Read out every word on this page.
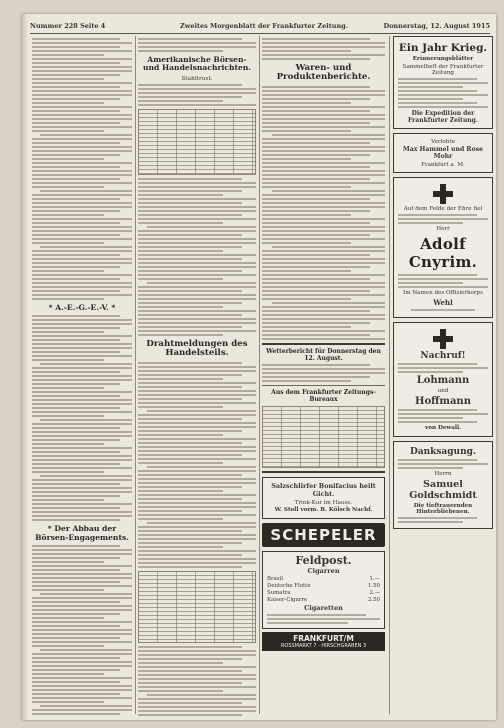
Nummer 228 Seite 4	Zweites Morgenblatt der Frankfurter Zeitung.	Donnerstag, 12. August 1915
* A.-E.-G.-E.-V. *
* Der Abbau der Börsen-Engagements.
Amerikanische Börsen- und Handelsnachrichten.
Stahltrust.
Drahtmeldungen des Handelsteils.
Waren- und Produktenberichte.
Wetterbericht für Donnerstag den 12. August.
Aus dem Frankfurter Zeitungs-Bureaux
Salzschlirfer Bonifacius heilt Gicht.
Trink-Kur im Hause.
W. Stoll vorm. B. Kölsch Nachf.
SCHEPELER
Feldpost.
Cigarren
Brasil	1.—
Deutsche Flotte	1.50
Sumatra	2.—
Kaiser-Cigarre	2.50
Cigaretten
FRANKFURT/M
ROSSMARKT 7 · HIRSCHGRABEN 3
Ein Jahr Krieg.
Erinnerungsblätter
Sammelheft der Frankfurter Zeitung
Die Expedition der Frankfurter Zeitung.
Verlobte
Max Hammel und Rose Mohr
Frankfurt a. M.
Auf dem Felde der Ehre fiel
Herr
Adolf Cnyrim.
Im Namen des Offizierkorps
Wehl
Nachruf!
Lohmann
und
Hoffmann
von Dewall.
Danksagung.
Herrn
Samuel Goldschmidt
Die tieftrauernden Hinterbliebenen.
